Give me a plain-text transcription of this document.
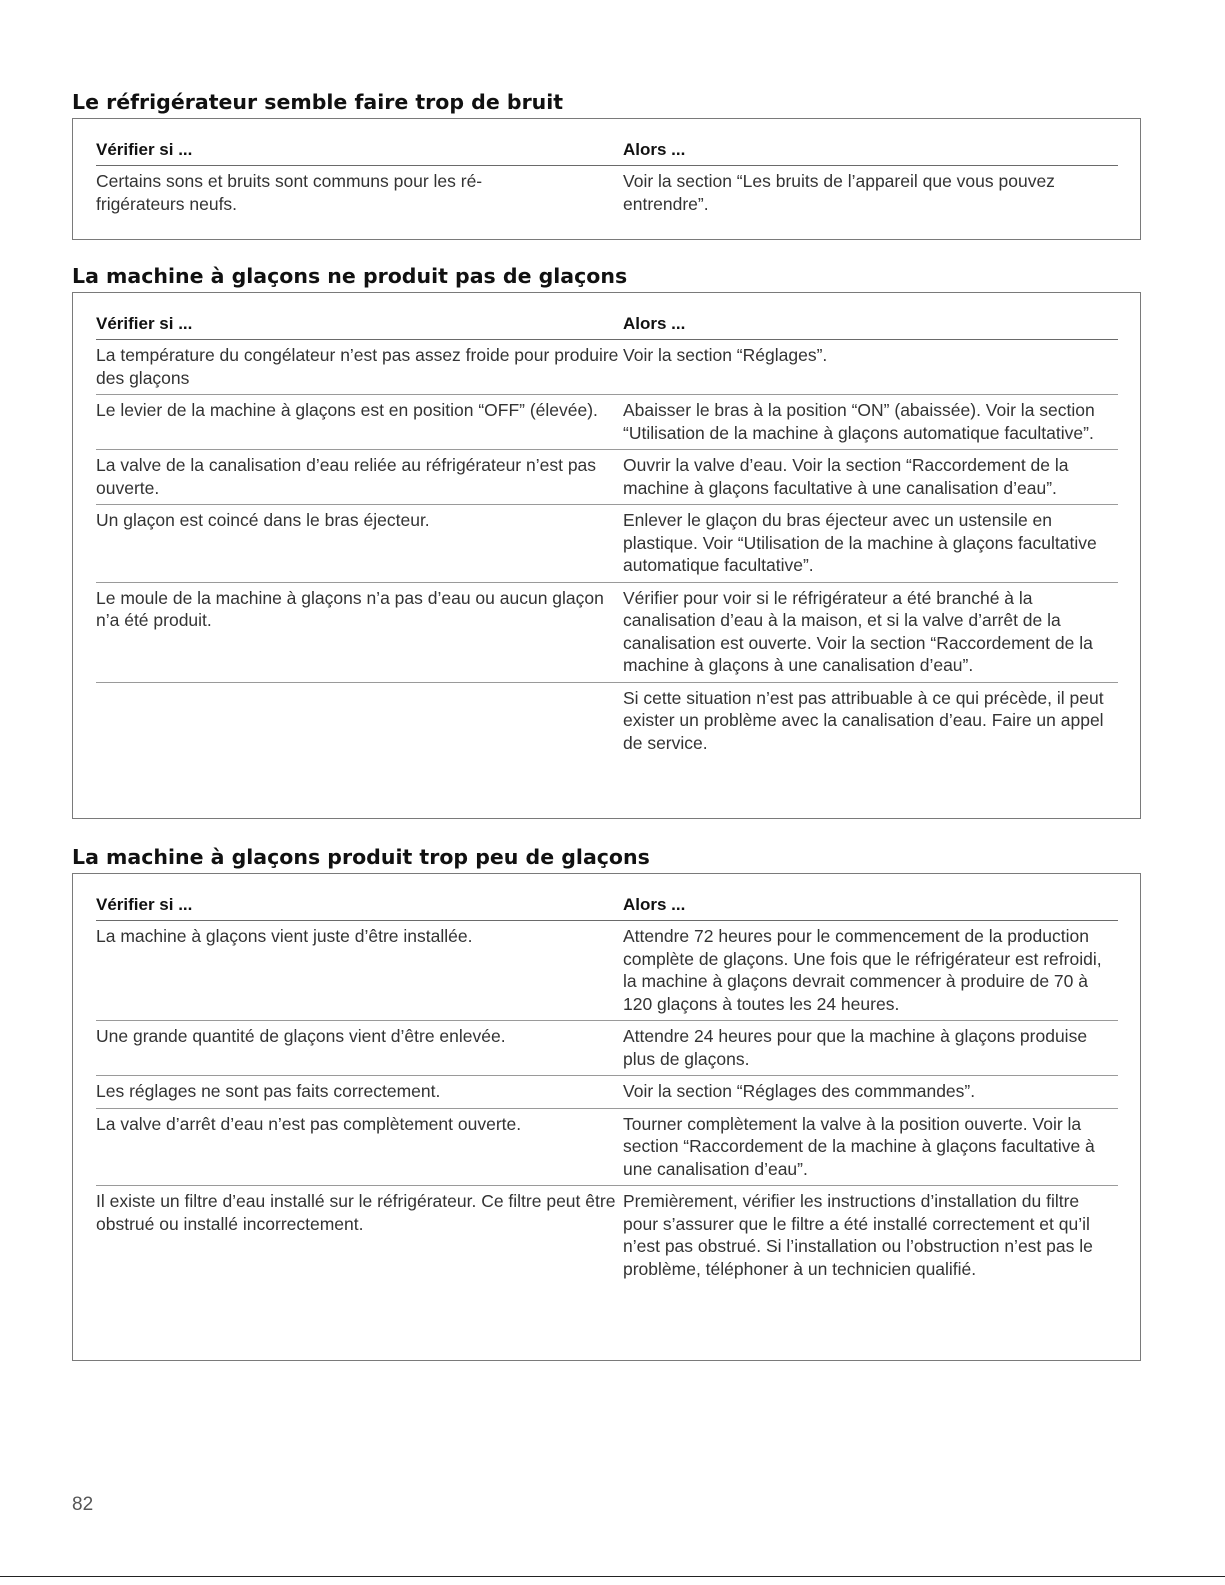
Le réfrigérateur semble faire trop de bruit
Vérifier si ...	Alors ...
Certains sons et bruits sont communs pour les ré-
frigérateurs neufs.	Voir la section “Les bruits de l’appareil que vous pouvez entrendre”.
La machine à glaçons ne produit pas de glaçons
Vérifier si ...	Alors ...
La température du congélateur n’est pas assez froide pour produire des glaçons	Voir la section “Réglages”.
Le levier de la machine à glaçons est en position “OFF” (élevée).	Abaisser le bras à la position “ON” (abaissée). Voir la section “Utilisation de la machine à glaçons automatique facultative”.
La valve de la canalisation d’eau reliée au réfrigérateur n’est pas ouverte.	Ouvrir la valve d’eau. Voir la section “Raccordement de la machine à glaçons facultative à une canalisation d’eau”.
Un glaçon est coincé dans le bras éjecteur.	Enlever le glaçon du bras éjecteur avec un ustensile en plastique. Voir “Utilisation de la machine à glaçons facultative automatique facultative”.
Le moule de la machine à glaçons n’a pas d’eau ou aucun glaçon n’a été produit.	Vérifier pour voir si le réfrigérateur a été branché à la canalisation d’eau à la maison, et si la valve d’arrêt de la canalisation est ouverte. Voir la section “Raccordement de la machine à glaçons à une canalisation d’eau”.
	Si cette situation n’est pas attribuable à ce qui précède, il peut exister un problème avec la canalisation d’eau. Faire un appel de service.
La machine à glaçons produit trop peu de glaçons
Vérifier si ...	Alors ...
La machine à glaçons vient juste d’être installée.	Attendre 72 heures pour le commencement de la production complète de glaçons. Une fois que le réfrigérateur est refroidi, la machine à glaçons devrait commencer à produire de 70 à 120 glaçons à toutes les 24 heures.
Une grande quantité de glaçons vient d’être enlevée.	Attendre 24 heures pour que la machine à glaçons produise plus de glaçons.
Les réglages ne sont pas faits correctement.	Voir la section “Réglages des commmandes”.
La valve d’arrêt d’eau n’est pas complètement ouverte.	Tourner complètement la valve à la position ouverte. Voir la section “Raccordement de la machine à glaçons facultative à une canalisation d’eau”.
Il existe un filtre d’eau installé sur le réfrigérateur. Ce filtre peut être obstrué ou installé incorrectement.	Premièrement, vérifier les instructions d’installation du filtre pour s’assurer que le filtre a été installé correctement et qu’il n’est pas obstrué. Si l’installation ou l’obstruction n’est pas le problème, téléphoner à un technicien qualifié.
82
